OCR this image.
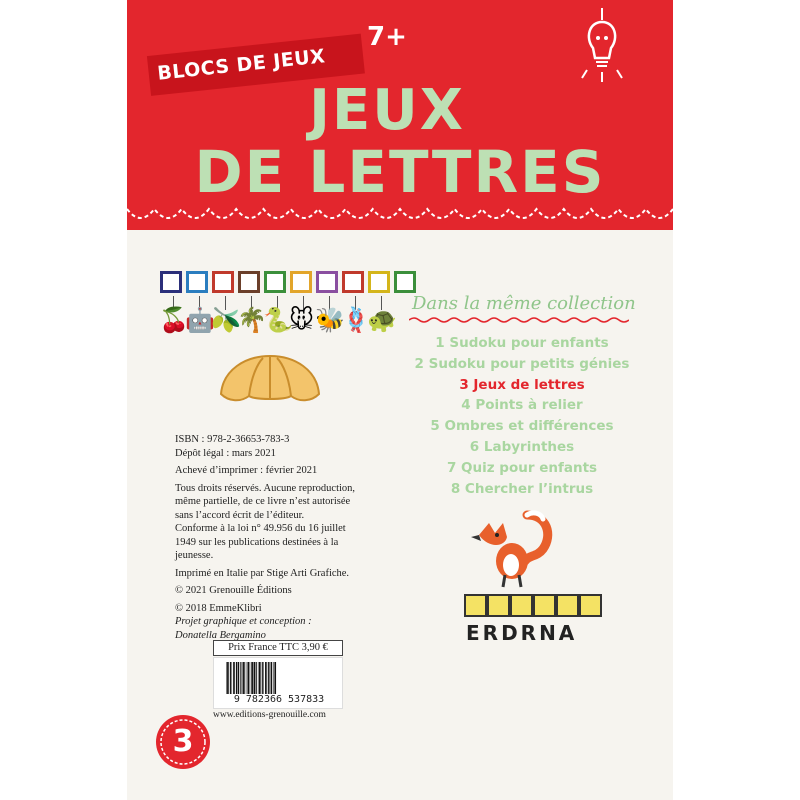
BLOCS DE JEUX
7+
JEUX
DE LETTRES
ISBN : 978-2-36653-783-3
Dépôt légal : mars 2021
Achevé d’imprimer : février 2021
Tous droits réservés. Aucune reproduction, même partielle, de ce livre n’est autorisée sans l’accord écrit de l’éditeur.
Conforme à la loi n° 49.956 du 16 juillet 1949 sur les publications destinées à la jeunesse.
Imprimé en Italie par Stige Arti Grafiche.
© 2021 Grenouille Éditions
© 2018 EmmeKlibri
Projet graphique et conception :
Donatella Bergamino
Prix France TTC 3,90 €
9 782366 537833
www.editions-grenouille.com
3
Dans la même collection
1 Sudoku pour enfants
2 Sudoku pour petits génies
3 Jeux de lettres
4 Points à relier
5 Ombres et différences
6 Labyrinthes
7 Quiz pour enfants
8 Chercher l’intrus
ERDRNA
🍒
🤖
🫒
🌴
🐍
🐭 🐝
🪢
🐢
